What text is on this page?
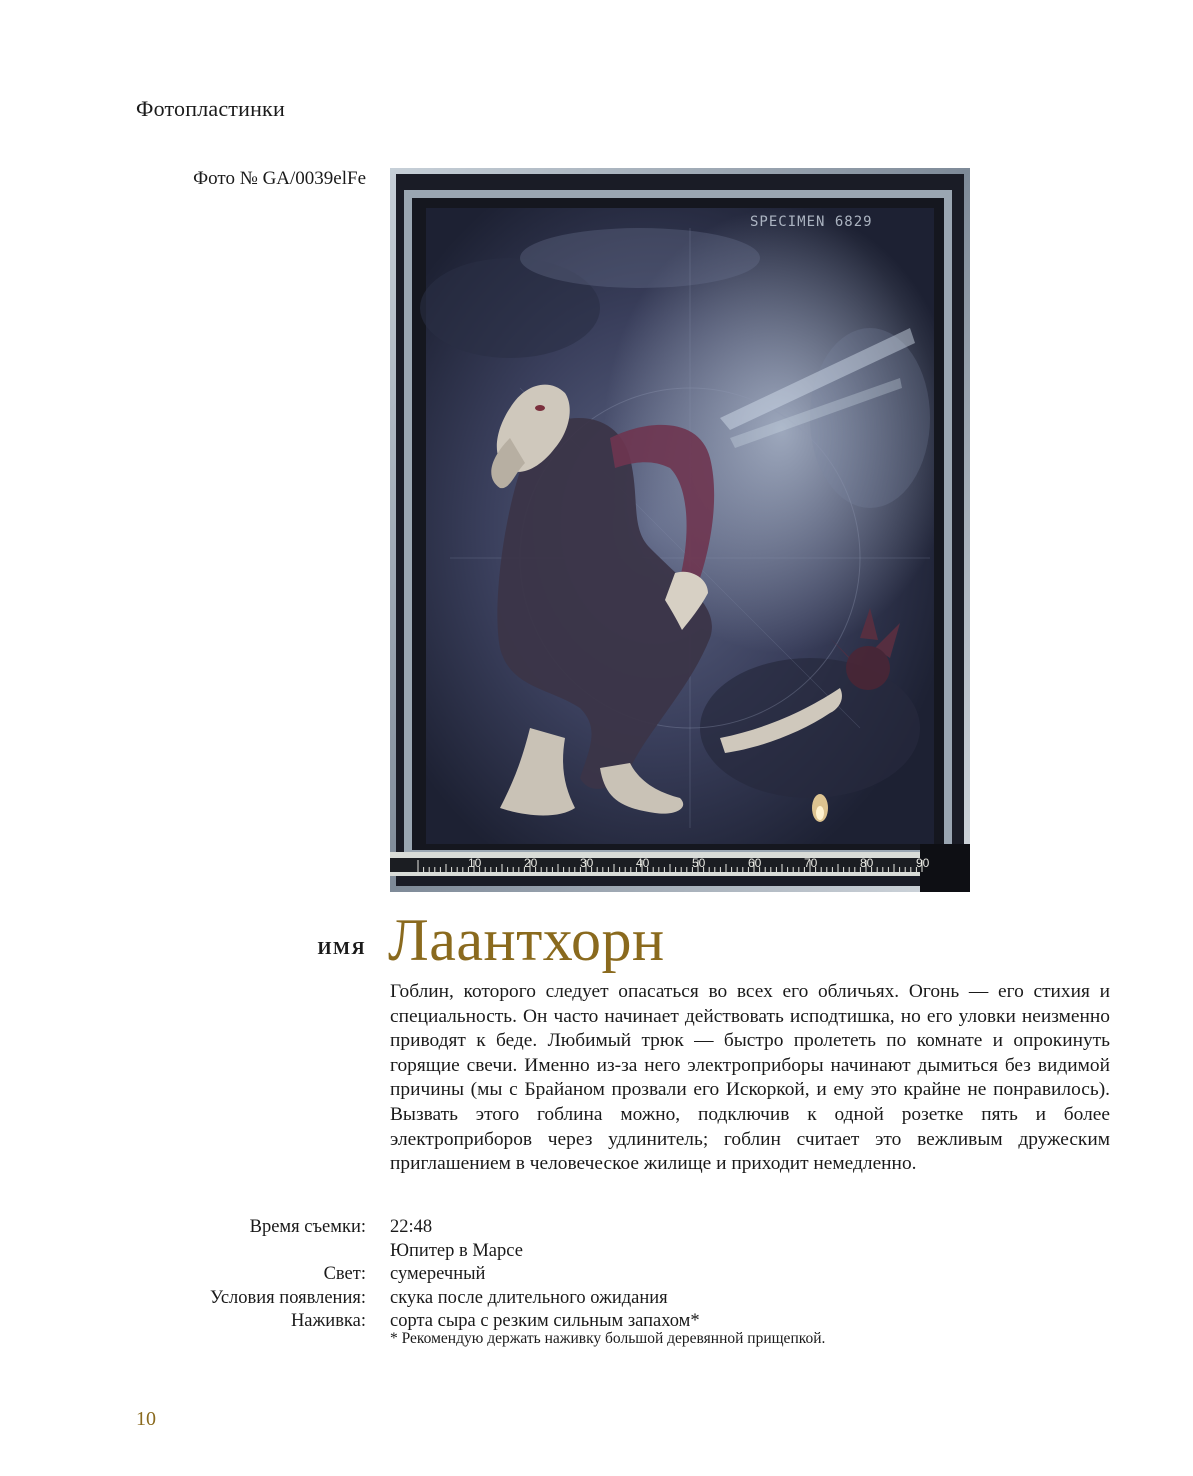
Фотопластинки
Фото № GA/0039elFe
SPECIMEN 6829
10	20	30	40	50	60	70	80	90
ИМЯ Лаантхорн

Гоблин, которого следует опасаться во всех его обличьях. Огонь — его стихия и специальность. Он часто начинает действовать исподтишка, но его уловки неизменно приводят к беде. Любимый трюк — быстро пролететь по комнате и опрокинуть горящие свечи. Именно из-за него электроприборы начинают дымиться без видимой причины (мы с Брайаном прозвали его Искоркой, и ему это крайне не понравилось). Вызвать этого гоблина можно, подключив к одной розетке пять и более электроприборов через удлинитель; гоблин считает это вежливым дружеским приглашением в человеческое жилище и приходит немедленно.

Время съемки: 22:48
Юпитер в Марсе
Свет: сумеречный
Условия появления: скука после длительного ожидания
Наживка: сорта сыра с резким сильным запахом*
* Рекомендую держать наживку большой деревянной прищепкой.
10
